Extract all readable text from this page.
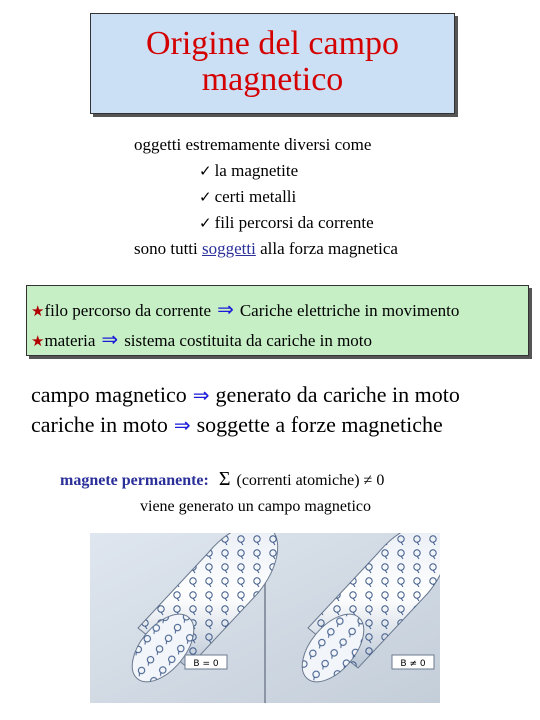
Origine del campo
magnetico
oggetti estremamente diversi come
✓ la magnetite
✓ certi metalli
✓ fili percorsi da corrente
sono tutti soggetti alla forza magnetica
★filo percorso da corrente ⇒ Cariche elettriche in movimento
★materia ⇒ sistema costituita da cariche in moto
campo magnetico ⇒ generato da cariche in moto
cariche in moto ⇒ soggette a forze magnetiche
magnete permanente: Σ (correnti atomiche) ≠ 0
viene generato un campo magnetico
B = 0	B ≠ 0
